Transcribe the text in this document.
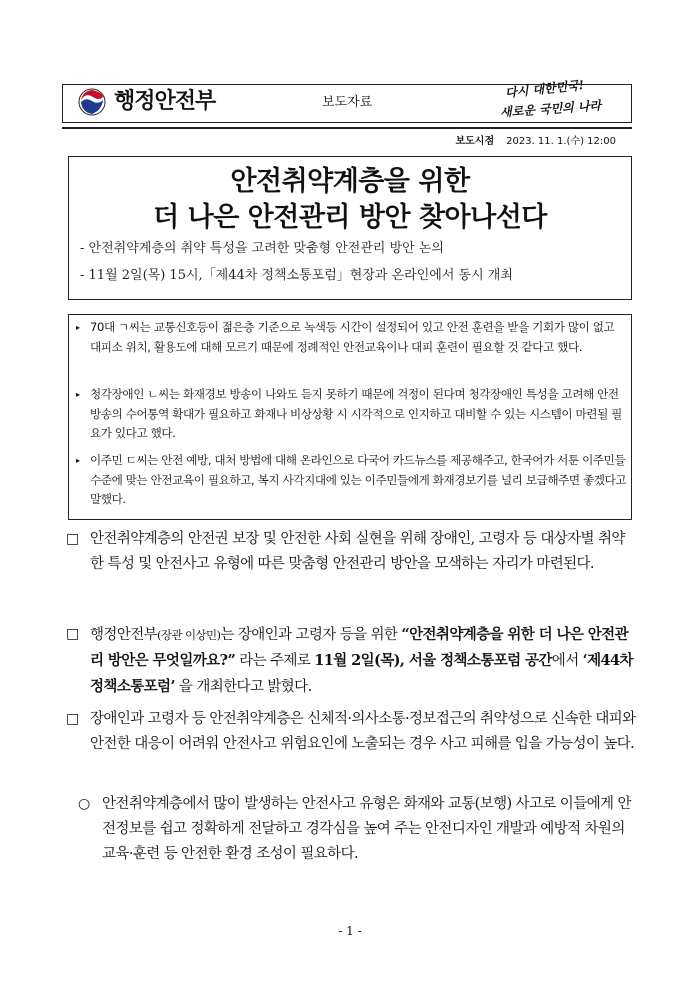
행정안전부	보도자료
다시 대한민국!
새로운 국민의 나라
보도시점 2023. 11. 1.(수) 12:00
안전취약계층을 위한
더 나은 안전관리 방안 찾아나선다
- 안전취약계층의 취약 특성을 고려한 맞춤형 안전관리 방안 논의
- 11월 2일(목) 15시,「제44차 정책소통포럼」현장과 온라인에서 동시 개최
▸ 70대 ㄱ씨는 교통신호등이 젊은층 기준으로 녹색등 시간이 설정되어 있고 안전 훈련을 받을 기회가 많이 없고 대피소 위치, 활용도에 대해 모르기 때문에 정례적인 안전교육이나 대피 훈련이 필요할 것 같다고 했다.
▸ 청각장애인 ㄴ씨는 화재경보 방송이 나와도 듣지 못하기 때문에 걱정이 된다며 청각장애인 특성을 고려해 안전방송의 수어통역 확대가 필요하고 화재나 비상상황 시 시각적으로 인지하고 대비할 수 있는 시스템이 마련될 필요가 있다고 했다.
▸ 이주민 ㄷ씨는 안전 예방, 대처 방법에 대해 온라인으로 다국어 카드뉴스를 제공해주고, 한국어가 서툰 이주민들 수준에 맞는 안전교육이 필요하고, 복지 사각지대에 있는 이주민들에게 화재경보기를 널리 보급해주면 좋겠다고 말했다.
□ 안전취약계층의 안전권 보장 및 안전한 사회 실현을 위해 장애인, 고령자 등 대상자별 취약한 특성 및 안전사고 유형에 따른 맞춤형 안전관리 방안을 모색하는 자리가 마련된다.
□ 행정안전부(장관 이상민)는 장애인과 고령자 등을 위한 “안전취약계층을 위한 더 나은 안전관리 방안은 무엇일까요?” 라는 주제로 11월 2일(목), 서울 정책소통포럼 공간에서 ‘제44차 정책소통포럼’ 을 개최한다고 밝혔다.
□ 장애인과 고령자 등 안전취약계층은 신체적·의사소통·정보접근의 취약성으로 신속한 대피와 안전한 대응이 어려워 안전사고 위험요인에 노출되는 경우 사고 피해를 입을 가능성이 높다.
○ 안전취약계층에서 많이 발생하는 안전사고 유형은 화재와 교통(보행) 사고로 이들에게 안전정보를 쉽고 정확하게 전달하고 경각심을 높여 주는 안전디자인 개발과 예방적 차원의 교육·훈련 등 안전한 환경 조성이 필요하다.
- 1 -
